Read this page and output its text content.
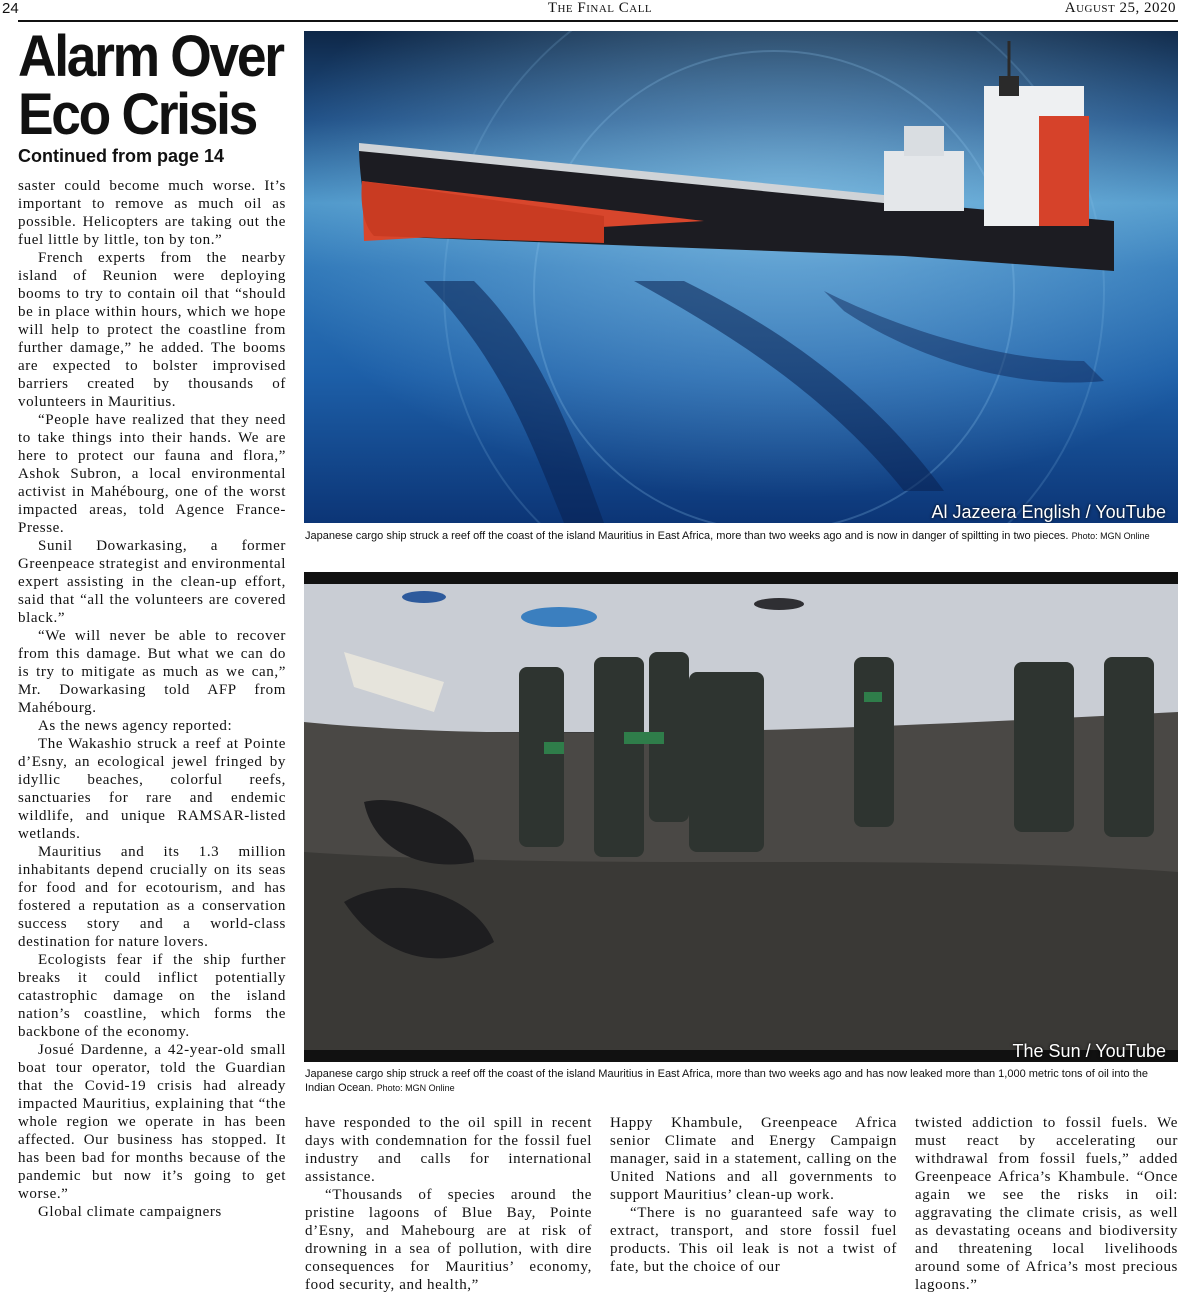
24	The Final Call	August 25, 2020
Alarm Over Eco Crisis
Continued from page 14

saster could become much worse. It’s important to remove as much oil as possible. Helicopters are taking out the fuel little by little, ton by ton.”

French experts from the nearby island of Reunion were deploying booms to try to contain oil that “should be in place within hours, which we hope will help to protect the coastline from further damage,” he added. The booms are expected to bolster improvised barriers created by thousands of volunteers in Mauritius.

“People have realized that they need to take things into their hands. We are here to protect our fauna and flora,” Ashok Subron, a local environmental activist in Mahébourg, one of the worst impacted areas, told Agence France-Presse.

Sunil Dowarkasing, a former Greenpeace strategist and environmental expert assisting in the clean-up effort, said that “all the volunteers are covered black.”

“We will never be able to recover from this damage. But what we can do is try to mitigate as much as we can,” Mr. Dowarkasing told AFP from Mahébourg.

As the news agency reported:

The Wakashio struck a reef at Pointe d’Esny, an ecological jewel fringed by idyllic beaches, colorful reefs, sanctuaries for rare and endemic wildlife, and unique RAMSAR-listed wetlands.

Mauritius and its 1.3 million inhabitants depend crucially on its seas for food and for ecotourism, and has fostered a reputation as a conservation success story and a world-class destination for nature lovers.

Ecologists fear if the ship further breaks it could inflict potentially catastrophic damage on the island nation’s coastline, which forms the backbone of the economy.

Josué Dardenne, a 42-year-old small boat tour operator, told the Guardian that the Covid-19 crisis had already impacted Mauritius, explaining that “the whole region we operate in has been affected. Our business has stopped. It has been bad for months because of the pandemic but now it’s going to get worse.”

Global climate campaigners

Al Jazeera English / YouTube
Japanese cargo ship struck a reef off the coast of the island Mauritius in East Africa, more than two weeks ago and is now in danger of spiltting in two pieces. Photo: MGN Online
The Sun / YouTube
Japanese cargo ship struck a reef off the coast of the island Mauritius in East Africa, more than two weeks ago and has now leaked more than 1,000 metric tons of oil into the Indian Ocean. Photo: MGN Online

have responded to the oil spill in recent days with condemnation for the fossil fuel industry and calls for international assistance.

“Thousands of species around the pristine lagoons of Blue Bay, Pointe d’Esny, and Mahebourg are at risk of drowning in a sea of pollution, with dire consequences for Mauritius’ economy, food security, and health,”

Happy Khambule, Greenpeace Africa senior Climate and Energy Campaign manager, said in a statement, calling on the United Nations and all governments to support Mauritius’ clean-up work.

“There is no guaranteed safe way to extract, transport, and store fossil fuel products. This oil leak is not a twist of fate, but the choice of our

twisted addiction to fossil fuels. We must react by accelerating our withdrawal from fossil fuels,” added Greenpeace Africa’s Khambule. “Once again we see the risks in oil: aggravating the climate crisis, as well as devastating oceans and biodiversity and threatening local livelihoods around some of Africa’s most precious lagoons.”
